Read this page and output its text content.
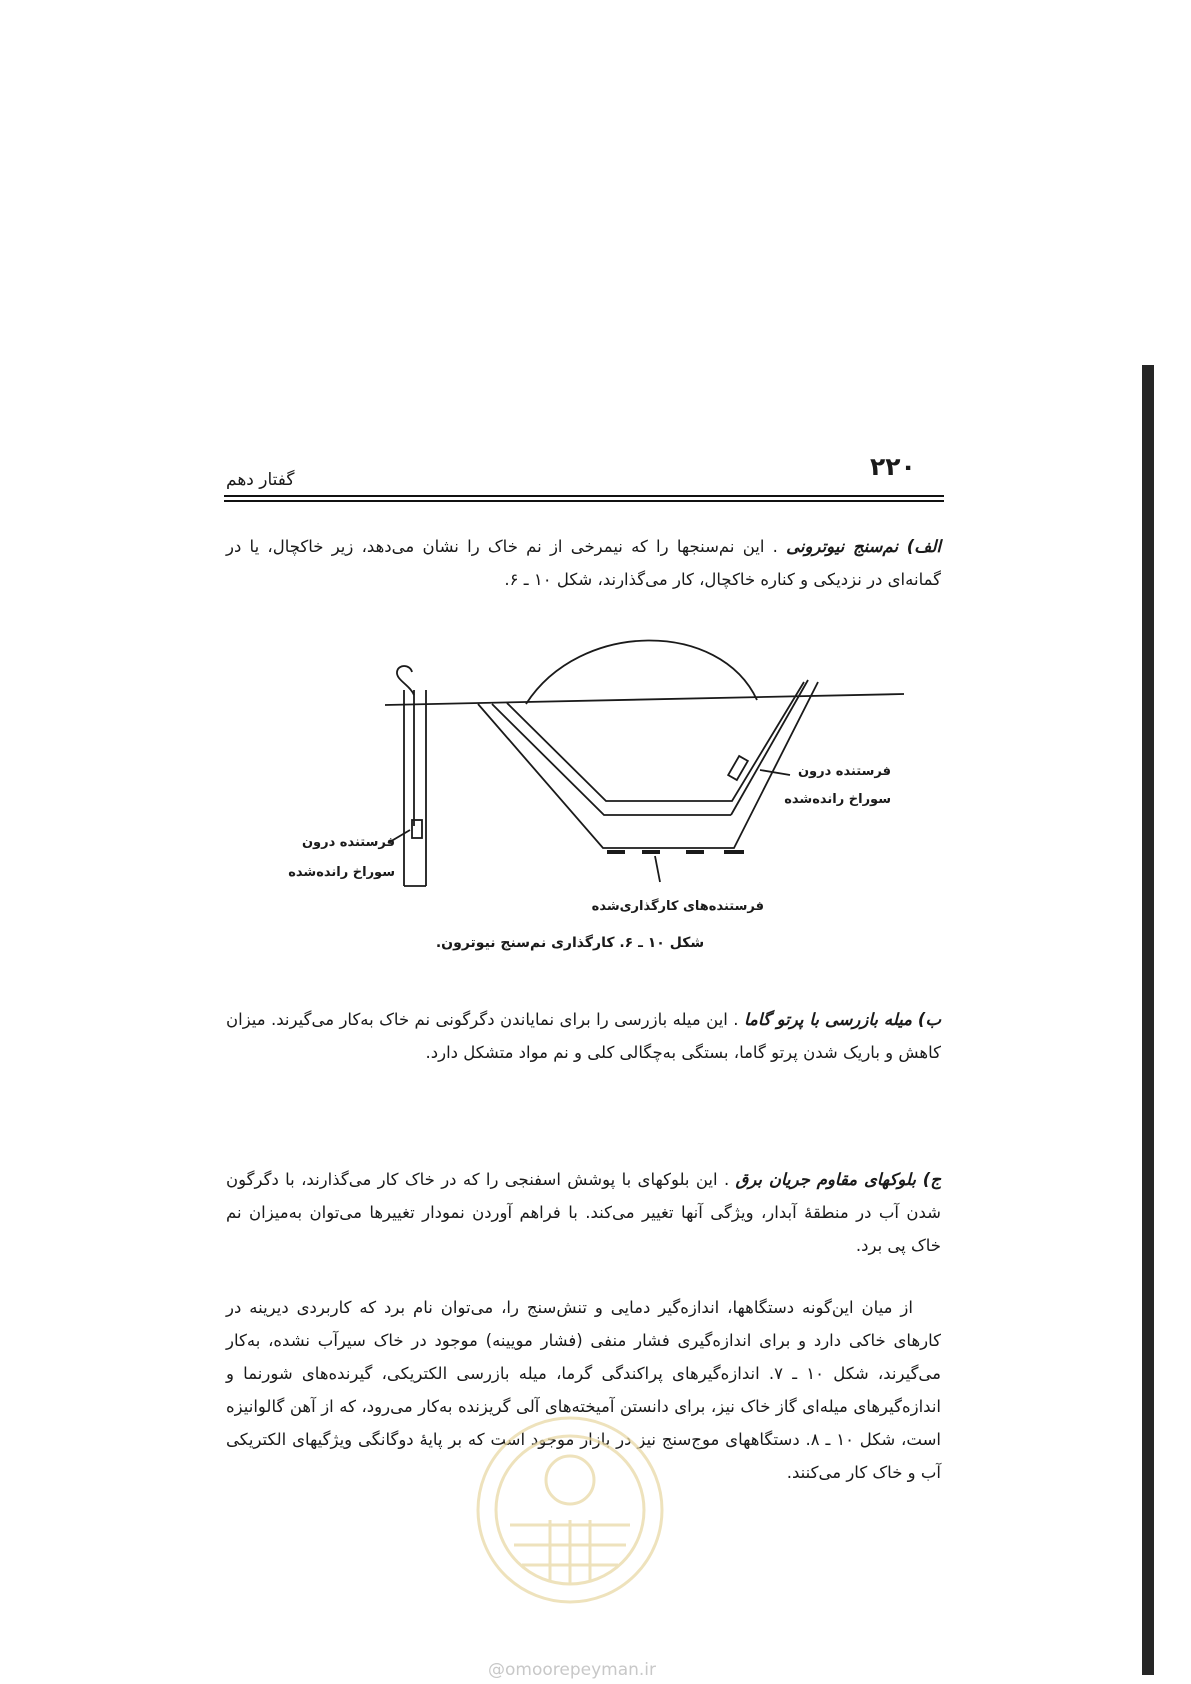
۲۲۰
گفتار دهم

الف) نم‌سنج نیوترونی . این نم‌سنجها را که نیمرخی از نم خاک را نشان می‌دهد، زیر خاکچال، یا در گمانه‌ای در نزدیکی و کناره خاکچال، کار می‌گذارند، شکل ۱۰ ـ ۶.

فرستنده درون
سوراخ رانده‌شده
فرستنده درون
سوراخ رانده‌شده
فرستنده‌های کارگذاری‌شده
شکل ۱۰ ـ ۶. کارگذاری نم‌سنج نیوترون.

ب) میله بازرسی با پرتو گاما . این میله بازرسی را برای نمایاندن دگرگونی نم خاک به‌کار می‌گیرند. میزان کاهش و باریک شدن پرتو گاما، بستگی به‌چگالی کلی و نم مواد متشکل دارد.

ج) بلوکهای مقاوم جریان برق . این بلوکهای با پوشش اسفنجی را که در خاک کار می‌گذارند، با دگرگون شدن آب در منطقهٔ آبدار، ویژگی آنها تغییر می‌کند. با فراهم آوردن نمودار تغییرها می‌توان به‌میزان نم خاک پی برد.

از میان این‌گونه دستگاهها، اندازه‌گیر دمایی و تنش‌سنج را، می‌توان نام برد که کاربردی دیرینه در کارهای خاکی دارد و برای اندازه‌گیری فشار منفی (فشار مویینه) موجود در خاک سیرآب نشده، به‌کار می‌گیرند، شکل ۱۰ ـ ۷. اندازه‌گیرهای پراکندگی گرما، میله بازرسی الکتریکی، گیرنده‌های شورنما و اندازه‌گیرهای میله‌ای گاز خاک نیز، برای دانستن آمیخته‌های آلی گریزنده به‌کار می‌رود، که از آهن گالوانیزه است، شکل ۱۰ ـ ۸. دستگاههای موج‌سنج نیز در بازار موجود است که بر پایهٔ دوگانگی ویژگیهای الکتریکی آب و خاک کار می‌کنند.

@omoorepeyman.ir
